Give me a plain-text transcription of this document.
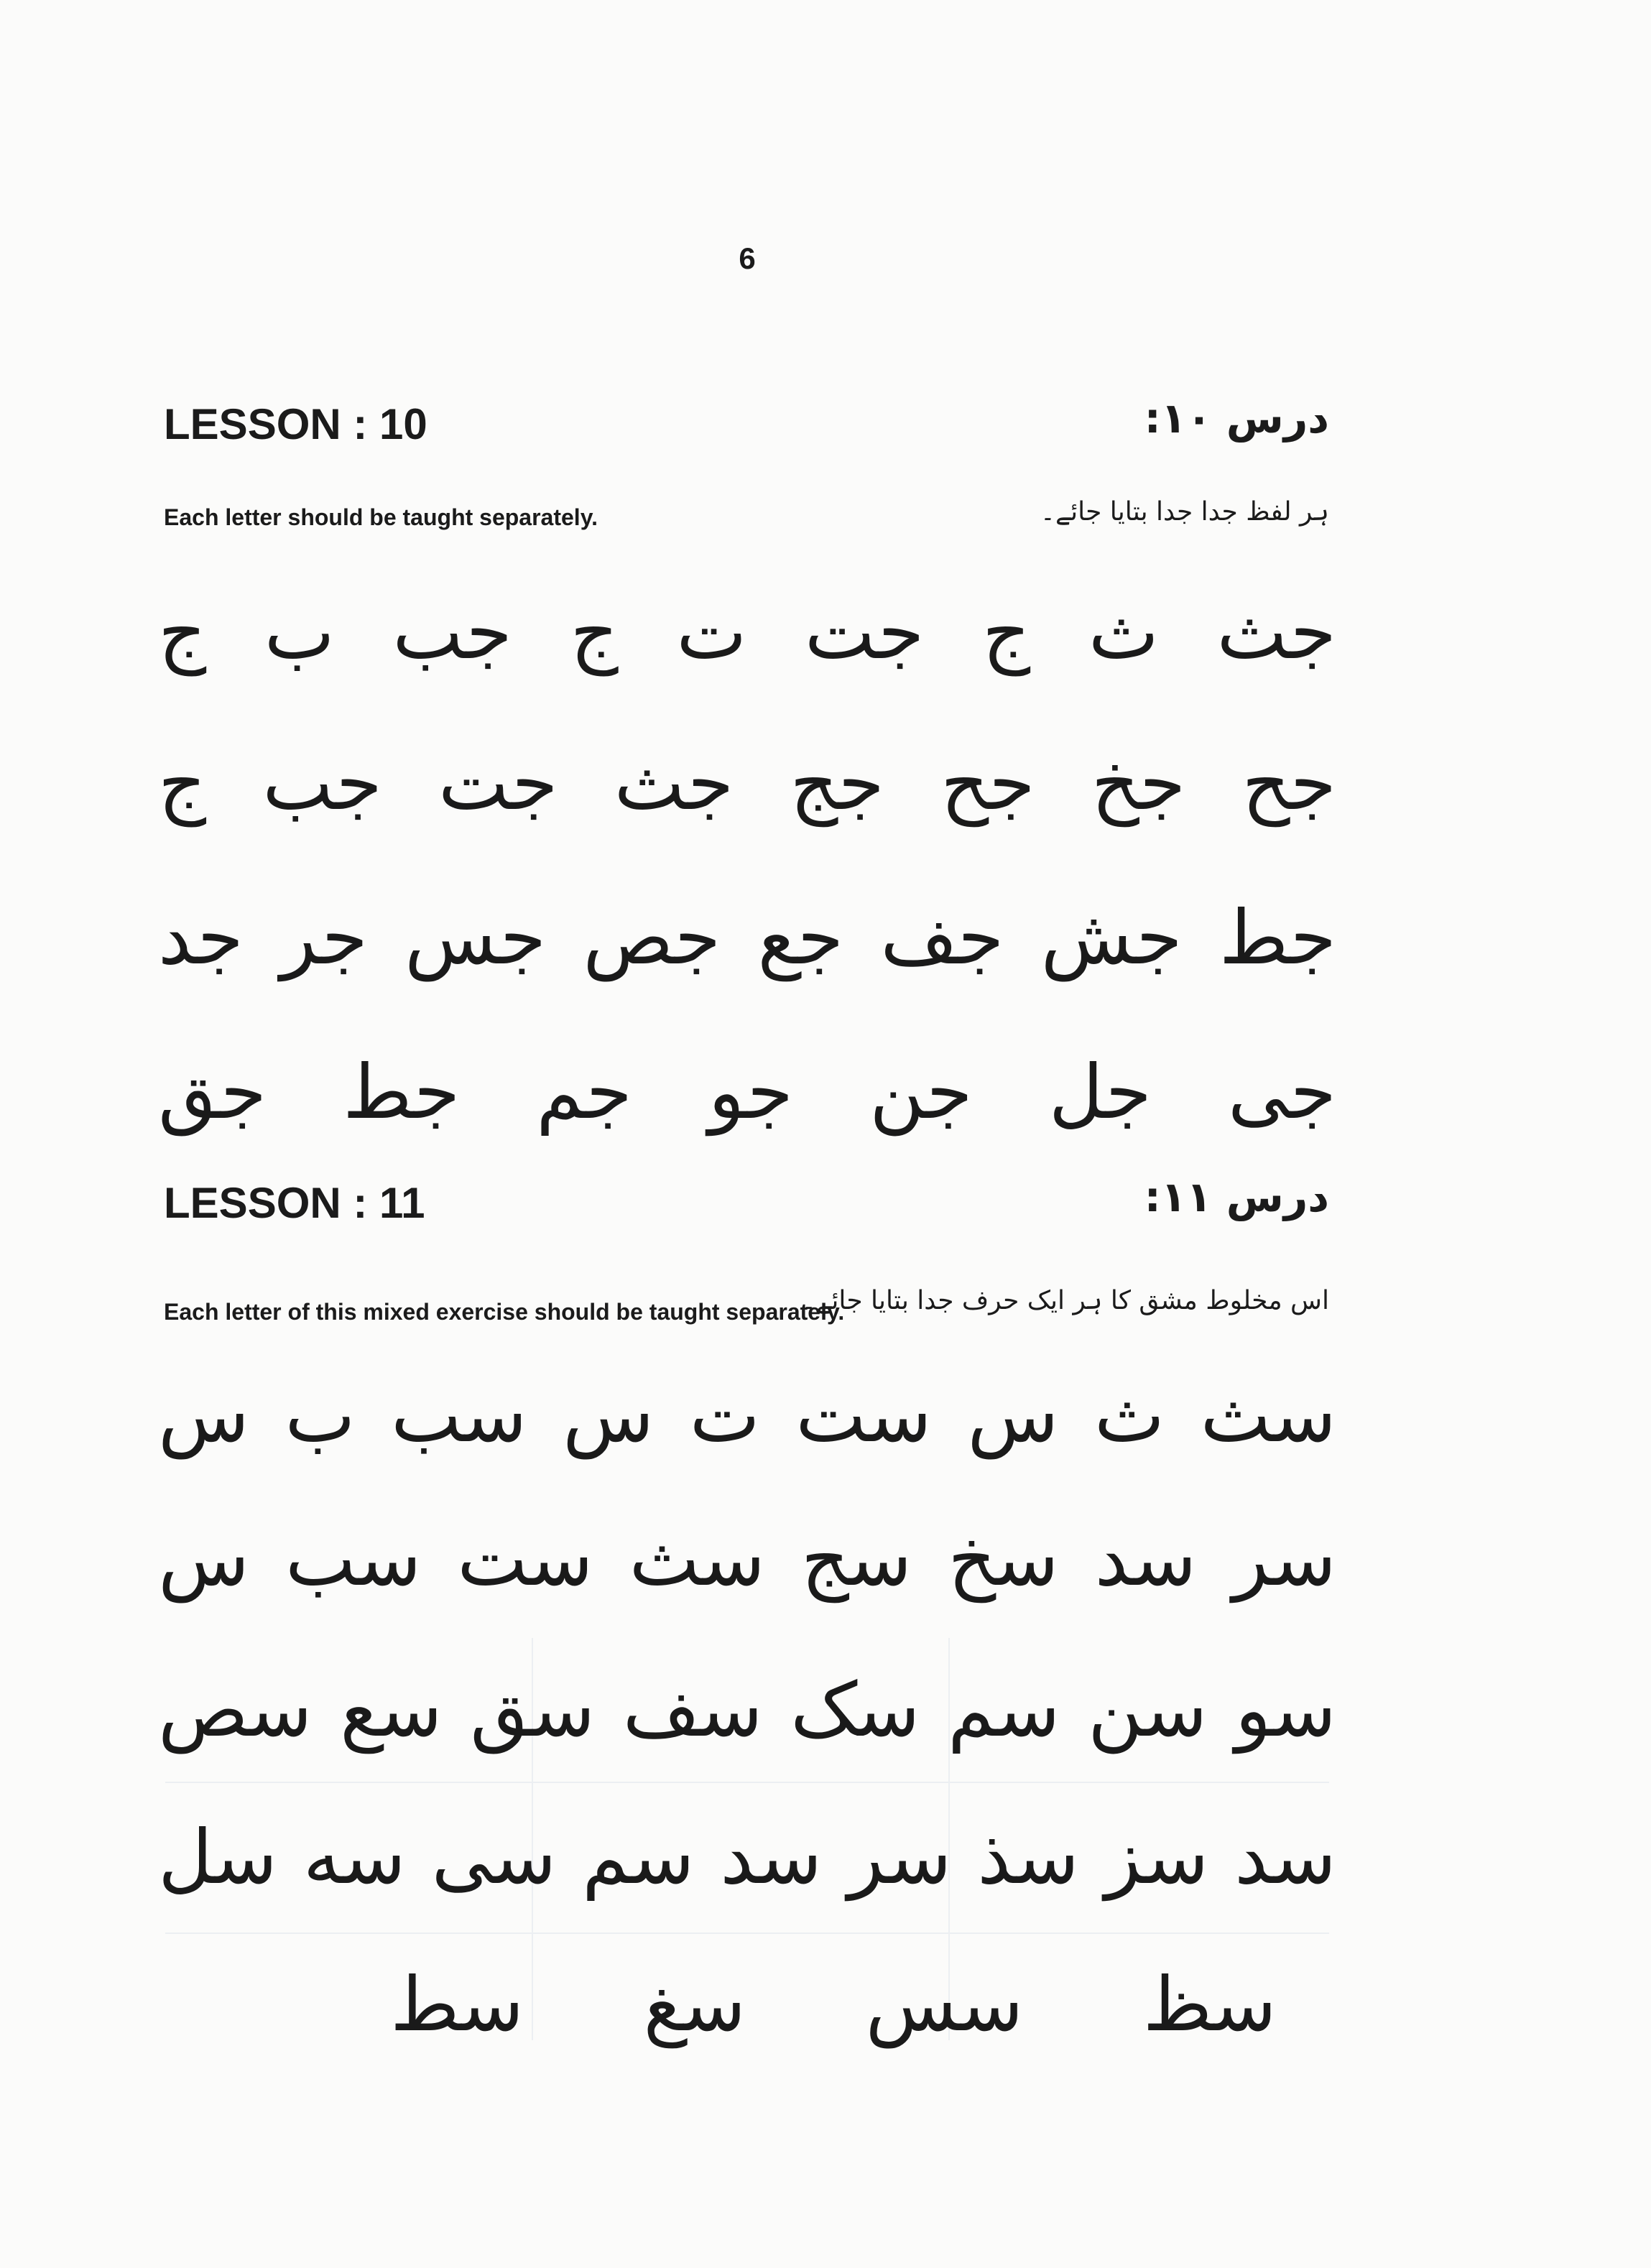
6
LESSON : 10	درس ۱۰:
Each letter should be taught separately.	ہر لفظ جدا جدا بتایا جائے۔
ج ب جب ج ت جت ج ث جث
ج جب جت جث جج جح جخ جح
جد جر جس جص جع جف جش جط
جق جط جم جو جن جل جی
LESSON : 11	درس ۱۱:
Each letter of this mixed exercise should be taught separately.
اس مخلوط مشق کا ہر ایک حرف جدا بتایا جائے۔
س ب سب س ت ست س ث سث
س سب ست سث سج سخ سد سر
سص سع سق سف سک سم سن سو
سل سه سی سم سد سر سذ سز سد
سط سغ سس سظ
